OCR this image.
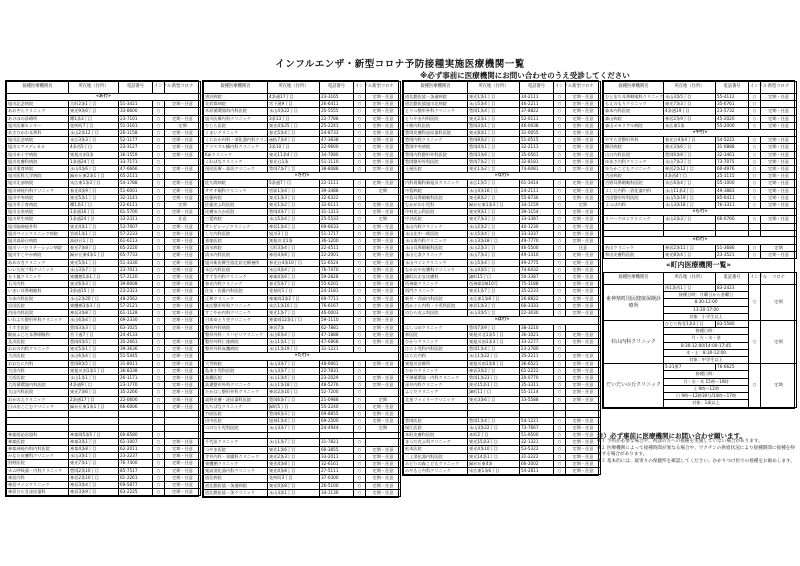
インフルエンザ・新型コロナ予防接種実施医療機関一覧
※必ず事前に医療機関にお問い合わせのうえ受診してください
接種医療機関名	所在地（住所）	電話番号	インフル	新型コロナ
«あ行»				
旭川記念病院	大町2条1丁目	51-3421	○	定期・任意
あおぞらクリニック	東光9条6丁目	33-8600	○	
あけぼの診療所	曙1条3丁目	23-7101	○	定期・任意
旭川医療センター	花咲町7丁目	51-3161	○	定期
あさひかわ耳鼻科	永山2条12丁目	26-1158	○	定期・任意
旭川記念病院	末広3条3丁目	52-1177	○	定期・任意
旭川エアメディカル	4条西5丁目	23-3127	○	定期・任意
旭川赤十字病院	東旭川南1条	36-1559	○	定期・任意
旭川皮膚科病院	1条通24丁目	33-7171	○	
旭川愛育病院	永山4条6丁目	47-6666	○	定期・任意
旭川医科大学病院	緑が丘東2条1丁目	65-2111	○	
旭川北部病院	末広東1条3丁目	54-1788	○	定期・任意
旭川神経内科クリニック	春光4条9丁目	51-6001	○	定期・任意
旭川中央病院	東光5条1丁目	32-1141	○	定期・任意
旭川市子育病院	曙1条1丁目	22-6111	○	定期
旭川圭泉病院	1条通16丁目	61-5700	○	定期・任意
旭川厚生病院	1条通24丁目	33-2311	○	任意
旭川脳神経外科	東光4条1丁目	53-7007	○	定期・任意
旭川ペインクリニック病院	宮前1条1丁目	57-2233	○	定期・任意
旭川高砂台病院	高砂台1丁目	61-6113	○	定期・任意
旭川リハビリテーション病院	春光7条8丁目	65-2220	○	定期・任意
旭川すこやか病院	緑が丘東4条1丁目	65-7733	○	定期・任意
あめのきクリニック	東光5条1丁目	51-3330	○	定期・任意
いいだ皮フ科クリニック	永山3条7丁目	23-7011	○	定期・任意
五十嵐クリニック	東鷹栖1条1丁目	57-2120	○	定期・任意
石川内科	東光6条3丁目	39-8008	○	定期・任意
いまい耳鼻咽喉科	3条通15丁目	23-2323	○	定期・任意
今本内科医院	永山2条20丁目	48-2562	○	定期・任意
岩田医院	東鷹栖3条3丁目	57-2121	○	定期・任意
内田内科医院	神居3条8丁目	61-1128	○	定期・任意
いわぶち整形外科クリニック	永山6条4丁目	69-2330	○	定期・任意
うすき医院	豊岡3条3丁目	63-1025	○	定期・任意
駅前ふじた耳鼻咽喉科	宮下通7丁目	24-4133	○	
及川医院	豊岡4条5丁目	35-2661	○	定期・任意
おおの内科クリニック	東光5条1丁目	39-3636	○	定期・任意
大沢医院	永山6条4丁目	51-5445	○	定期・任意
おおたに内科	豊岡8条5丁目	31-8011	○	定期・任意
大田内科	東旭川南1条1丁目	36-8338	○	定期・任意
大西医院	永山1条1丁目	26-1171	○	定期・任意
大西循環器内科医院	4条通9丁目	23-1770	○	定期・任意
大山内科医院	東光7条6丁目	35-2266	○	定期・任意
おかのえクリニック	2条通17丁目	22-0606	○	定期・任意
日の出ここむクリニック	緑が丘東1条1丁目	66-6006	○	定期・任意

神楽岡泌尿器科	神楽岡5条5丁目	60-8580	○	
神楽医院	神楽3条1丁目	61-1007	○	定期・任意
神楽神経内科内科医院	神楽4条8丁目	62-2011	○	定期・任意
かなた皮膚科クリニック	永山3条1丁目	23-2237	○	定期・任意
狩野医院	東光7条1丁目	76-7400	○	定期・任意
カム呼吸器・内科クリニック	豊岡2条10丁目	85-7517	○	定期・任意
神居内科	神居2条10丁目	61-2261	○	定期・任意
神居ペインクリニック	神居3条4丁目	69-5877	○	定期・任意
神居ひらき泌尿器科	神居3条9丁目	63-2225	○	定期・任意
接種医療機関名	所在地（住所）	電話番号	インフル	新型コロナ
唐沢病院	4条通17丁目	23-3165	○	定期・任意
北彩都病院	宮下通9丁目	26-6411	○	定期・任意
木原循環器科内科医院	永山4条22丁目	35-5555	○	定期・任意
旭川医療内科クリニック	3条13丁目	22-7788	○	定期・任意
ひじら医院	東光4条25丁目	25-2241	○	定期・任意
くまいクリニック	春光5条4丁目	24-8733	○	定期・任意
くにおか内科・消化器内科クリニック	永山7条4丁目	47-3838	○	定期・任意
クリスタル橋内科クリニック	3条10丁目	22-9600	○	定期・任意
Kaiクリニック	東光11条4丁目	34-7080	○	定期・任意
くればなクリニック	春光台1条	51-1110	○	定期・任意
国民医療・高居クリニック	豊岡7条7丁目	38-8088	○	定期・任意
«さ行»				
佐久間病院	5条通7丁目	22-1111	○	定期・任意
ササキ眼科クリニック	宮前1条4丁目	39-3488	○	定期
佐藤病院	東光1条3丁目	32-6322	○	
佐藤皮ふ科医院	東光1条2丁目	32-6111	○	定期・任意
皮膚ゆたか医院	豊岡4条7丁目	31-1313	○	定期・任意
三愛病院	永山5条4丁目	25-5533	○	定期
サンビレッジクリニック	神居1条4丁目	69-6633	○	定期・任意
しだ内科医院	旭川3丁目	51-1717	○	定期・任意
嘉楽医院	東旭川北1条	36-1200	○	定期・任意
清水病院	大町3条4丁目	22-4511	○	定期・任意
清水内科医院	神居4条8丁目	22-2001	○	定期・任意
旭川新医療生協北居宅療養所	春光台4条10丁目	51-6524	○	定期・任意
末広内科医院	末広4条4丁目	76-7470	○	定期・任意
すずき内科クリニック	神楽4条6丁目	59-2828	○	定期・任意
春光内科クリニック	春光5条7丁目	55-6201	○	定期・任意
住友・佐藤内科医院	金星町1丁目	24-3181	○	定期・任意
正和クリニック	神楽岡3条2丁目	69-7711	○	定期・任意
末広整形外科クリニック	末広1条10丁目	76-6167	○	定期・任意
すこやか内科クリニック	東光1条7丁目	46-0003	○	定期・任意
日本ゆとり会クリニック	神楽岡12条1丁目	59-1110	○	定期・任意
整形外科病院	神居7条	62-7881	○	定期・任意
整形外科・リハビリクリニック	永山6条4丁目	47-1888	○	定期・任意
整形外科仁徳病院	永山1条1丁目	47-6868	○	定期・任意
整形外科真鷹病院	永山1条19丁目	31-1221	○	
«た行»				
大雪病院	永山3条7丁目	48-6661	○	定期・任意
島本小児科医院	永山3条7丁目	22-7831	○	
高橋医院	永山1条4丁目	23-2029	○	定期・任意
高桑整形外科クリニック	永山1条18丁目	48-5276	○	定期・任意
たかはし整形外科クリニック	神居2条10丁目	52-7200	○	
高野皮膚・泌尿器科医院	豊岡6条7丁目	21-0988	○	定期
たちばなクリニック	緑町5丁目	55-2240	○	定期・任意
竹原医院	豊岡6条3丁目	69-8855	○	定期・任意
田中医院	旭神1条4丁目	69-2500	○	定期・任意
つのだ小児科医院	永山3条7丁目	24-4944	○	定期

千代田クリニック	永山1条7丁目	31-7821	○	
つやま医院	東光1条6丁目	60-3855	○	定期・任意
寺井内科・胃腸科クリニック	東光2条3丁目	33-2011	○	定期・任意
東鷹栖クリニック	東光4条8丁目	32-6161	○	定期・任意
東高消化器内科クリニック	東光4条8丁目	27-5111	○	定期・任意
道北病院	花咲町3丁目	37-0300	○	定期・任意
道北勤医協一条通病院	東光4条8丁目	26-5100	○	定期・任意
道北勤医協一条クリニック	永山3条1丁目	34-1136	○	定期・任意
接種医療機関名	所在地（住所）	電話番号	インフル	新型コロナ
道北勤医協一条通病院	東光1条1丁目	34-2111	○	定期・任意
道北勤医協旭川北病院	永山5条4丁目	46-2211	○	定期・任意
とりつ整形外科クリニック	豊岡1条4丁目	37-8822	○	定期・任意
とりやま内科医院	東光2条1丁目	52-0111	○	定期・任意
十勝内科医院	豊岡3条1丁目	46-0038	○	定期・任意
豊岡皮膚科泌尿器科医院	東光8条1丁目	31-0055	○	定期・任意
豊岡内科クリニック	豊岡8条2丁目	51-0515	○	定期・任意
豊岡中央病院	豊岡4条1丁目	32-2111	○	定期・任意
豊岡内科整形外科医院	豊岡3条6丁目	35-0561	○	定期・任意
豊岡整形外科医院	豊岡7条2丁目	32-8181	○	定期・任意
土屋医院	東光1条2丁目	74-6081	○	定期・任意
«な行»				
内科胃腸科新旭川クリニック	末広1条5丁目	61-3414	○	定期・任意
中島病院	永山4条16丁目	24-2111	○	定期・任意
中島耳鼻咽喉科医院	東光8条2丁目	55-8736	○	定期・任意
なかがわ小児科	緑が丘東1条3丁目	34-1159	○	定期
中村皮ふ科医院	東光9条1丁目	39-1154	○	定期・任意
中谷医院	東光7条3丁目	33-3387	○	定期・任意
永山内科クリニック	永山2条2丁目	40-1230	○	定期・任意
永山北中一郎医院	永山5条4丁目	33-3337	○	定期・任意
永山南内科クリニック	永山3条18丁目	49-7770	○	定期・任意
永山耳鼻咽喉科医院	永山2条3丁目	46-5500	○	任意
永山七条クリニック	永山7条3丁目	49-1310	○	定期・任意
永山ペインクリニック	永山5条4丁目	49-2775	○	定期・任意
なかおや皮膚科クリニック	永山4条5丁目	74-6432	○	定期・任意
錦町おおま皮膚科	錦町15丁目	50-3387	○	定期・任意
西神楽クリニック	西神楽1線10号	75-3188	○	定期・任意
西門クリニック	東光1条7丁目	35-2233	○	定期・任意
新井・西部内科医院	末広東1条8丁目	26-8822	○	定期・任意
西かぐら内科・小児科医院	神居1条3丁目	60-3333	○	定期・任意
のむら皮ふ科医院	永山3条5丁目	22-3030	○	定期・任意
«は行»				
はしづめクリニック	豊岡7条9丁目	38-3210	○	
林医院	東旭川北1条5丁目	36-1021	○	定期・任意
ひかりクリニック	東旭川南1条3丁目	33-2277	○	定期・任意
はら小児科内科医院	豊岡1条4丁目	23-2780	○	
はらだ内科	永山1条22丁目	35-2211	○	定期・任意
東旭川診療所	東旭川南1条6丁目	36-6521	○	定期・任意
ひかりクリニック	神居3条2丁目	61-2222	○	定期・任意
平澤循環器・内科クリニック	豊岡1条23丁目	20-0770	○	定期・任意
深井内科クリニック	東光15条1丁目	35-3311	○	定期・任意
ふくだクリニック	錦町11丁目	55-1114	○	定期・任意
北星ファミリークリニック	東光3条6丁目	33-5588	○	定期・任意

豊岡医院	豊岡1条4丁目	54-1221	○	定期・任意
堀江医院	永山3条22丁目	73-7667	○	定期・任意
本町皮膚科医院	本町2丁目	51-9500	○	定期・任意
まつだ皮ふ科クリニック	東光15条3丁目	32-1321	○	定期・任意
松本医院	東光4条10丁目	53-5322	○	定期・任意
三上消化器内科医院	東光14条1丁目	31-2222	○	定期・任意
みどりの森こどもクリニック	緑が丘東4条	66-2002	○	定期・任意
みやもと内科クリニック	末広東1条6丁目	54-2811	○	定期・任意
接種医療機関名	所在地（住所）	電話番号	インフル	新型コロナ
むとまち耳鼻咽喉科クリニック	永山3条5丁目	55-4112	○	定期・任意
もえのもりクリニック	東光7条3丁目	35-6761	○	
森本内科医院	4条通19丁目	23-5732	○	定期・任意
森山病院	神居2条9丁目	45-2020	○	定期・任意
森山メモリアル病院	末広東1条	55-2000	○	定期・任意
«や行»				
やすらぎ整形外科	春光台4条4丁目	54-5222	○	定期・任意
柳沢病院	東光3条6丁目	31-0888	○	定期・任意
山口内科医院	豊岡6条8丁目	32-3461	○	定期・任意
ゆあさ内科クリニック	永山7条3丁目	73-7075	○	定期・任意
ゆたかこどもクリニック	神居2条12丁目	60-4976	○	定期・任意
吉田病院	4条西4丁目	25-1115	○	定期・任意
吉野耳鼻咽喉科医院	末広6条4丁目	55-1000	○	定期・任意
よしだ内科・消化器内科	永山11条3丁目	49-3883	○	定期・任意
吉田整形外科医院	永山5条19丁目	85-6411	○	定期・任意
よつば内科	永山3条18丁目	76-3311	○	定期・任意
«ら行»				
リバークロンクリニック	永山2条3丁目	66-0766	○	定期・任意

«わ行»				
若山クリニック	神居2条11丁目	51-3686	○	定期
和田皮膚科医院	東光8条4丁目	23-3521	○	定期・任意
«町内医療機関一覧»
接種医療機関名	所在地（住所）	電話番号	インフル	コロナ
東神楽町国民健康保険診療所	南1条西1丁目	83-2423	○	定期
	接種日時：月曜日から金曜日			
	8:30-12:00			
	13:30-17:00			
	対象：小学生以上			
杉山内科クリニック	ひじり野北1条3丁目	83-5580	○	定期
	接種日時：			
	月・火・水・金			
	8:30-12:00/14:00-17:45			
	木・土：8:30-12:00			
	対象：中学生以上			
だいだいの丘クリニック	5-21番7	76-6625	○	定期
	接種日時：			
	月・水・木 15時～19時			
	土 9時～12時			
	日 9時～12時30分/14時～17時			
	対象：1歳以上			
注）必ず事前に医療機関にお問い合わせ願います。
※１ 予約が必要な場合や、初診の方への接種を実施していない場合があります。
※２ 医療機関によって接種時間が異なる場合や、ワクチンの供給状況により接種期間に接種を終了する場合があります。
※３ 基本的には、最寄りの保健所を確認してください。かかりつけ医での接種をお勧めします。
